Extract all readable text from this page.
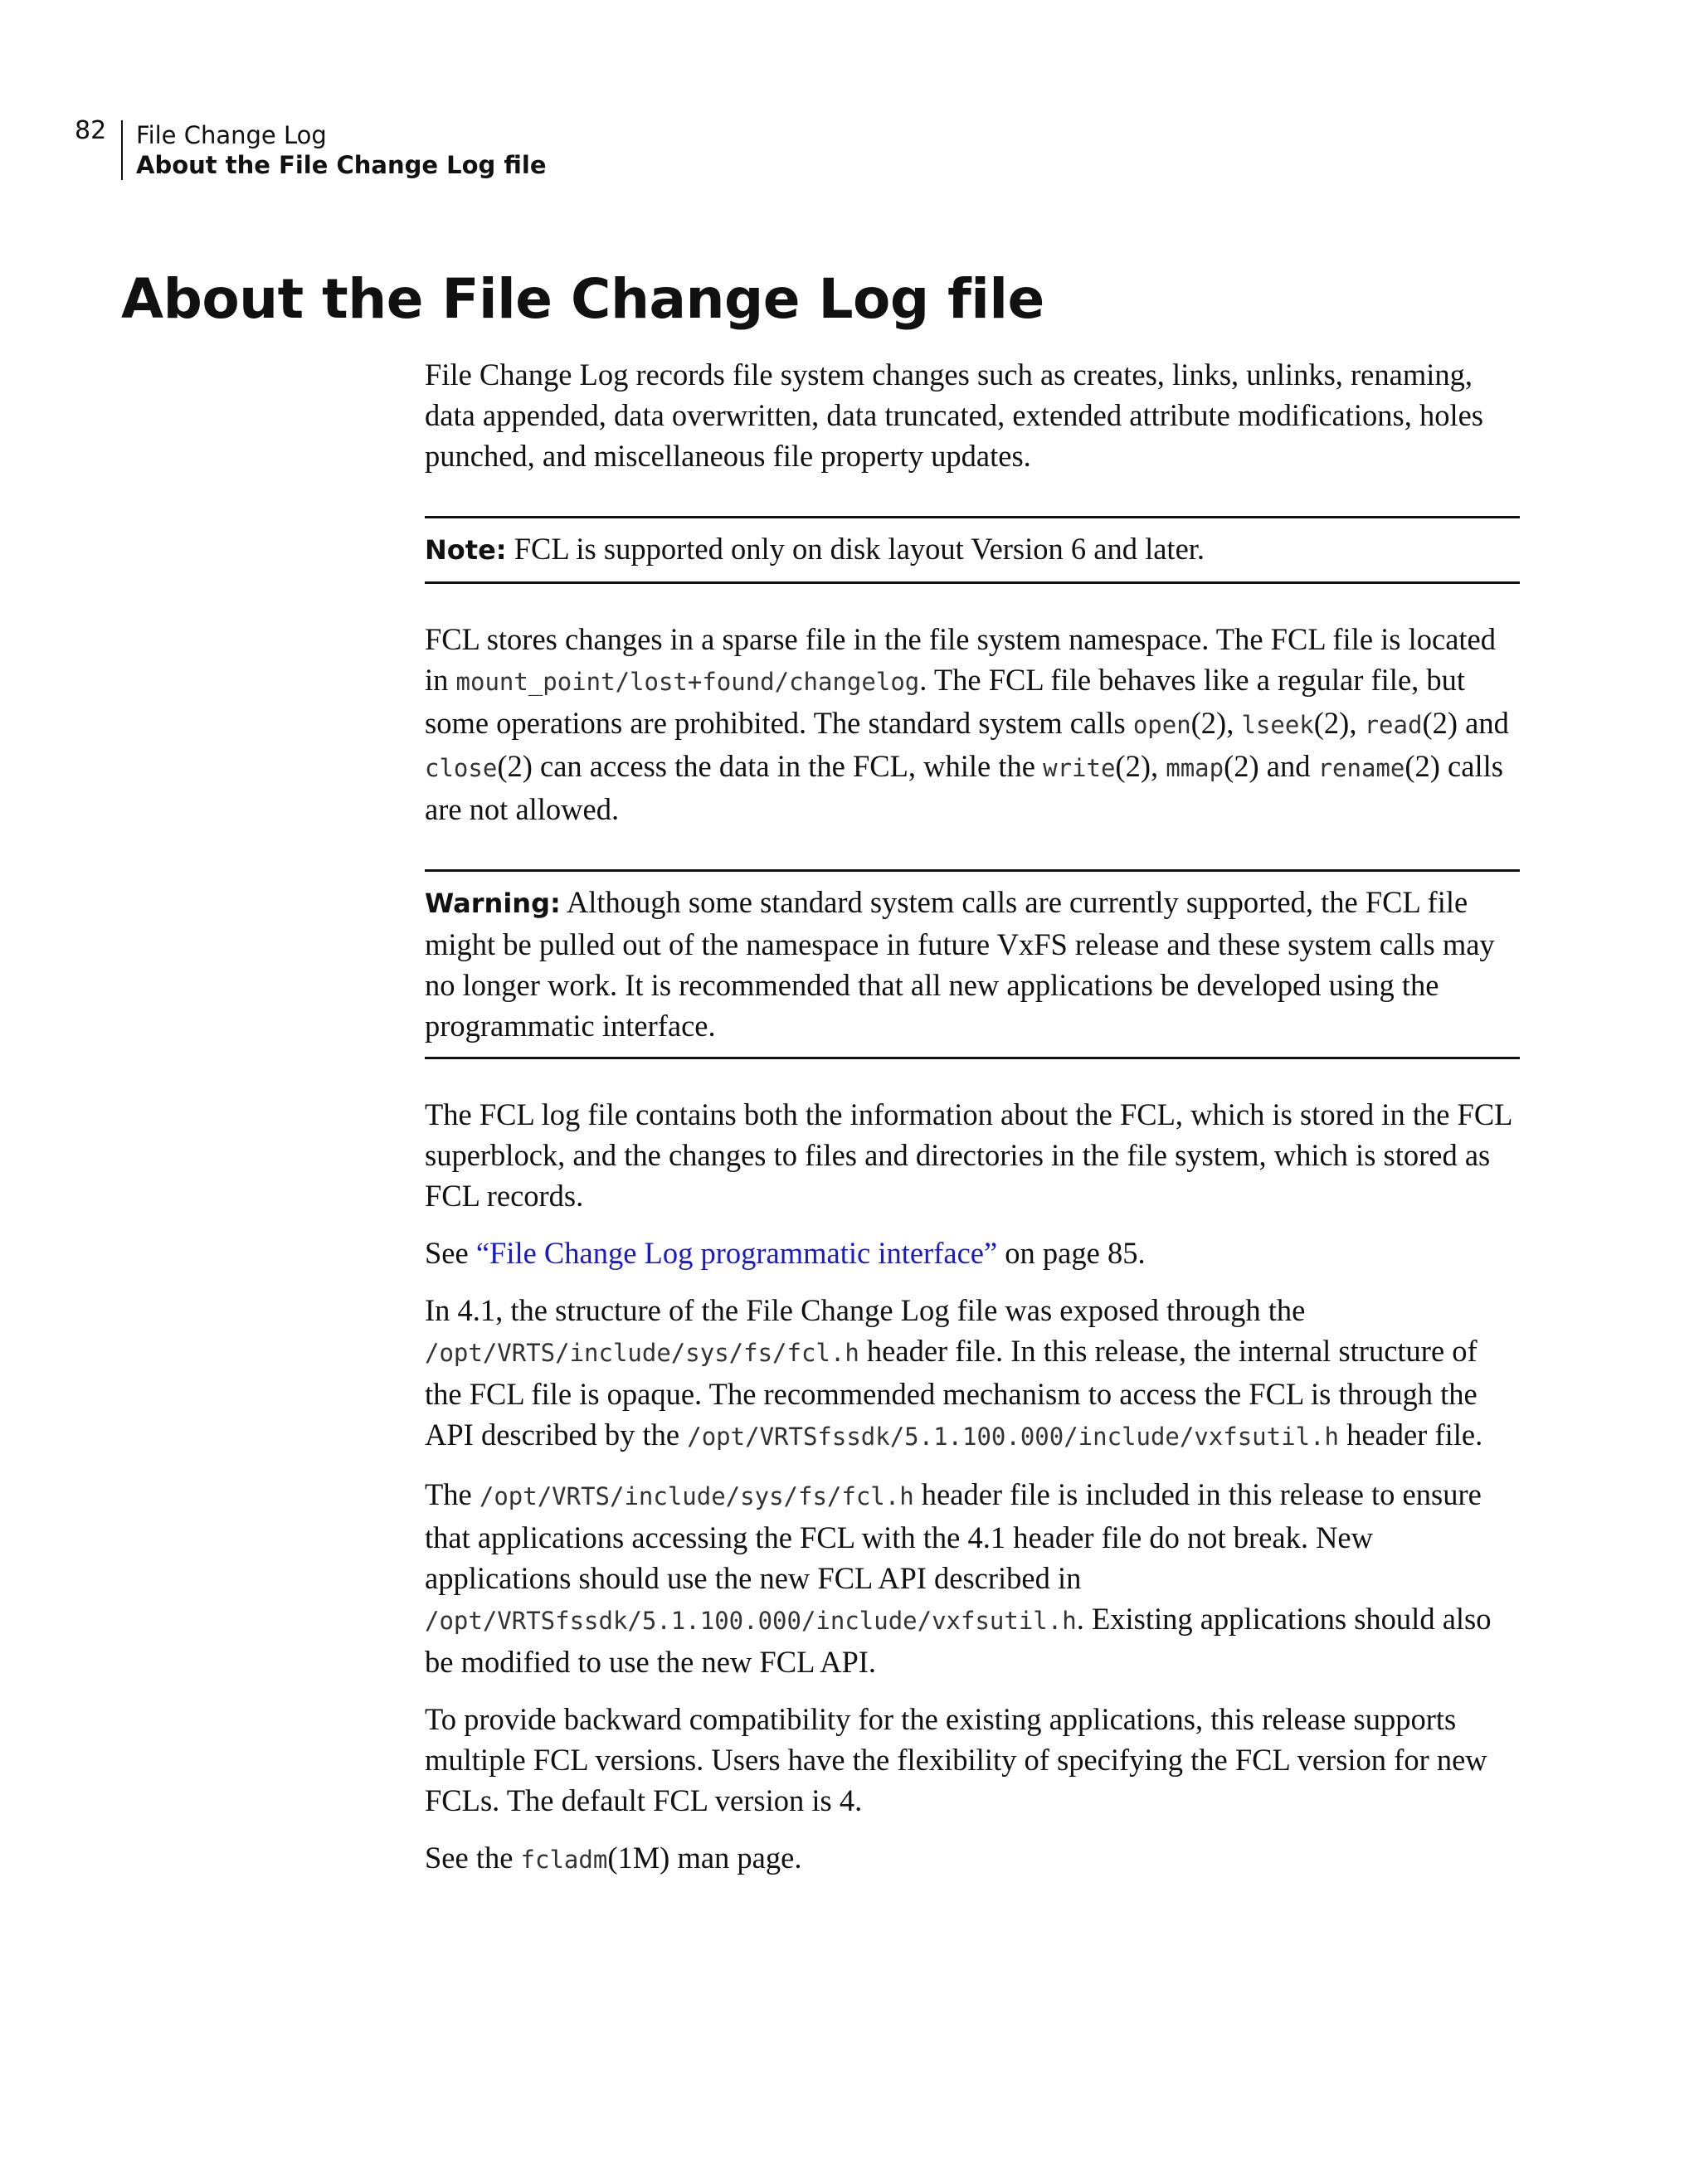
82 File Change Log
About the File Change Log file
About the File Change Log file

File Change Log records file system changes such as creates, links, unlinks, renaming, data appended, data overwritten, data truncated, extended attribute modifications, holes punched, and miscellaneous file property updates.

Note: FCL is supported only on disk layout Version 6 and later.

FCL stores changes in a sparse file in the file system namespace. The FCL file is located in mount_point/lost+found/changelog. The FCL file behaves like a regular file, but some operations are prohibited. The standard system calls open(2), lseek(2), read(2) and close(2) can access the data in the FCL, while the write(2), mmap(2) and rename(2) calls are not allowed.

Warning: Although some standard system calls are currently supported, the FCL file might be pulled out of the namespace in future VxFS release and these system calls may no longer work. It is recommended that all new applications be developed using the programmatic interface.

The FCL log file contains both the information about the FCL, which is stored in the FCL superblock, and the changes to files and directories in the file system, which is stored as FCL records.

See “File Change Log programmatic interface” on page 85.

In 4.1, the structure of the File Change Log file was exposed through the /opt/VRTS/include/sys/fs/fcl.h header file. In this release, the internal structure of the FCL file is opaque. The recommended mechanism to access the FCL is through the API described by the /opt/VRTSfssdk/5.1.100.000/include/vxfsutil.h header file.

The /opt/VRTS/include/sys/fs/fcl.h header file is included in this release to ensure that applications accessing the FCL with the 4.1 header file do not break. New applications should use the new FCL API described in /opt/VRTSfssdk/5.1.100.000/include/vxfsutil.h. Existing applications should also be modified to use the new FCL API.

To provide backward compatibility for the existing applications, this release supports multiple FCL versions. Users have the flexibility of specifying the FCL version for new FCLs. The default FCL version is 4.

See the fcladm(1M) man page.
